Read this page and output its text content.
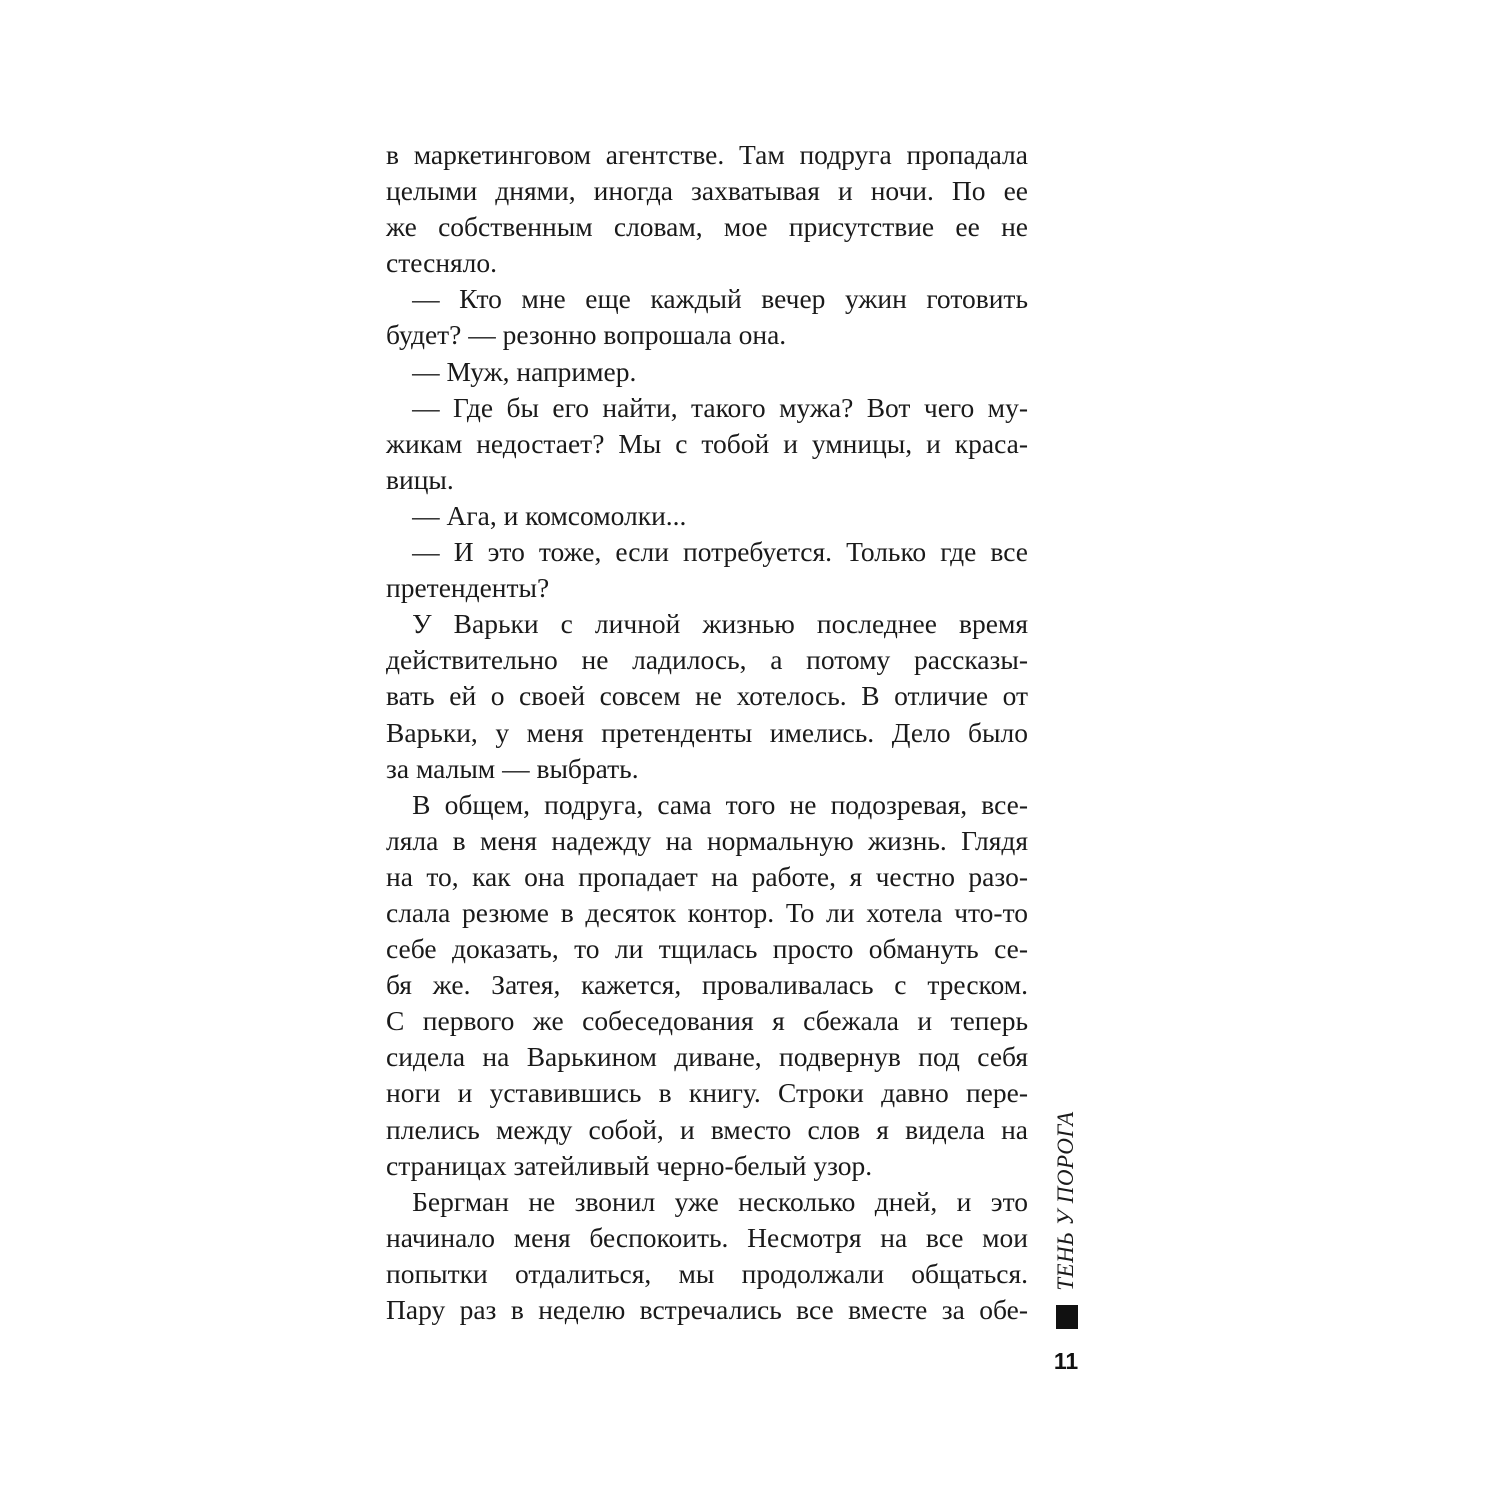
в маркетинговом агентстве. Там подруга пропадала
целыми днями, иногда захватывая и ночи. По ее
же собственным словам, мое присутствие ее не
стесняло.
— Кто мне еще каждый вечер ужин готовить
будет? — резонно вопрошала она.
— Муж, например.
— Где бы его найти, такого мужа? Вот чего му-
жикам недостает? Мы с тобой и умницы, и краса-
вицы.
— Ага, и комсомолки...
— И это тоже, если потребуется. Только где все
претенденты?
У Варьки с личной жизнью последнее время
действительно не ладилось, а потому рассказы-
вать ей о своей совсем не хотелось. В отличие от
Варьки, у меня претенденты имелись. Дело было
за малым — выбрать.
В общем, подруга, сама того не подозревая, все-
ляла в меня надежду на нормальную жизнь. Глядя
на то, как она пропадает на работе, я честно разо-
слала резюме в десяток контор. То ли хотела что-то
себе доказать, то ли тщилась просто обмануть се-
бя же. Затея, кажется, проваливалась с треском.
С первого же собеседования я сбежала и теперь
сидела на Варькином диване, подвернув под себя
ноги и уставившись в книгу. Строки давно пере-
плелись между собой, и вместо слов я видела на
страницах затейливый черно-белый узор.
Бергман не звонил уже несколько дней, и это
начинало меня беспокоить. Несмотря на все мои
попытки отдалиться, мы продолжали общаться.
Пару раз в неделю встречались все вместе за обе-
ТЕНЬ У ПОРОГА
11
